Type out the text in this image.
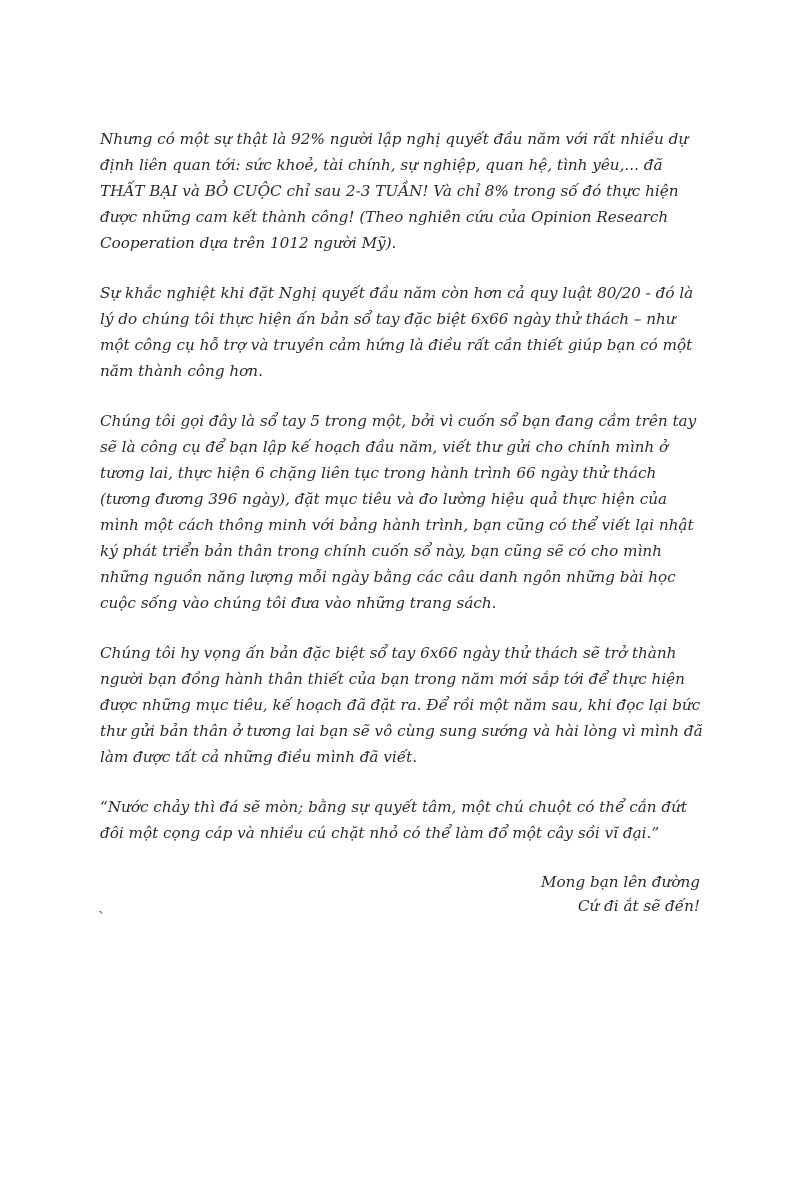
Nhưng có một sự thật là 92% người lập nghị quyết đầu năm với rất nhiều dự định liên quan tới: sức khoẻ, tài chính, sự nghiệp, quan hệ, tình yêu,... đã THẤT BẠI và BỎ CUỘC chỉ sau 2-3 TUẦN! Và chỉ 8% trong số đó thực hiện được những cam kết thành công! (Theo nghiên cứu của Opinion Research Cooperation dựa trên 1012 người Mỹ).

Sự khắc nghiệt khi đặt Nghị quyết đầu năm còn hơn cả quy luật 80/20 - đó là lý do chúng tôi thực hiện ấn bản sổ tay đặc biệt 6x66 ngày thử thách – như một công cụ hỗ trợ và truyền cảm hứng là điều rất cần thiết giúp bạn có một năm thành công hơn.

Chúng tôi gọi đây là sổ tay 5 trong một, bởi vì cuốn sổ bạn đang cầm trên tay sẽ là công cụ để bạn lập kế hoạch đầu năm, viết thư gửi cho chính mình ở tương lai, thực hiện 6 chặng liên tục trong hành trình 66 ngày thử thách (tương đương 396 ngày), đặt mục tiêu và đo lường hiệu quả thực hiện của mình một cách thông minh với bảng hành trình, bạn cũng có thể viết lại nhật ký phát triển bản thân trong chính cuốn sổ này, bạn cũng sẽ có cho mình những nguồn năng lượng mỗi ngày bằng các câu danh ngôn những bài học cuộc sống vào chúng tôi đưa vào những trang sách.

Chúng tôi hy vọng ấn bản đặc biệt sổ tay 6x66 ngày thử thách sẽ trở thành người bạn đồng hành thân thiết của bạn trong năm mới sắp tới để thực hiện được những mục tiêu, kế hoạch đã đặt ra. Để rồi một năm sau, khi đọc lại bức thư gửi bản thân ở tương lai bạn sẽ vô cùng sung sướng và hài lòng vì mình đã làm được tất cả những điều mình đã viết.

“Nước chảy thì đá sẽ mòn; bằng sự quyết tâm, một chú chuột có thể cắn đứt đôi một cọng cáp và nhiều cú chặt nhỏ có thể làm đổ một cây sồi vĩ đại.”

Mong bạn lên đường
Cứ đi ắt sẽ đến!
`
